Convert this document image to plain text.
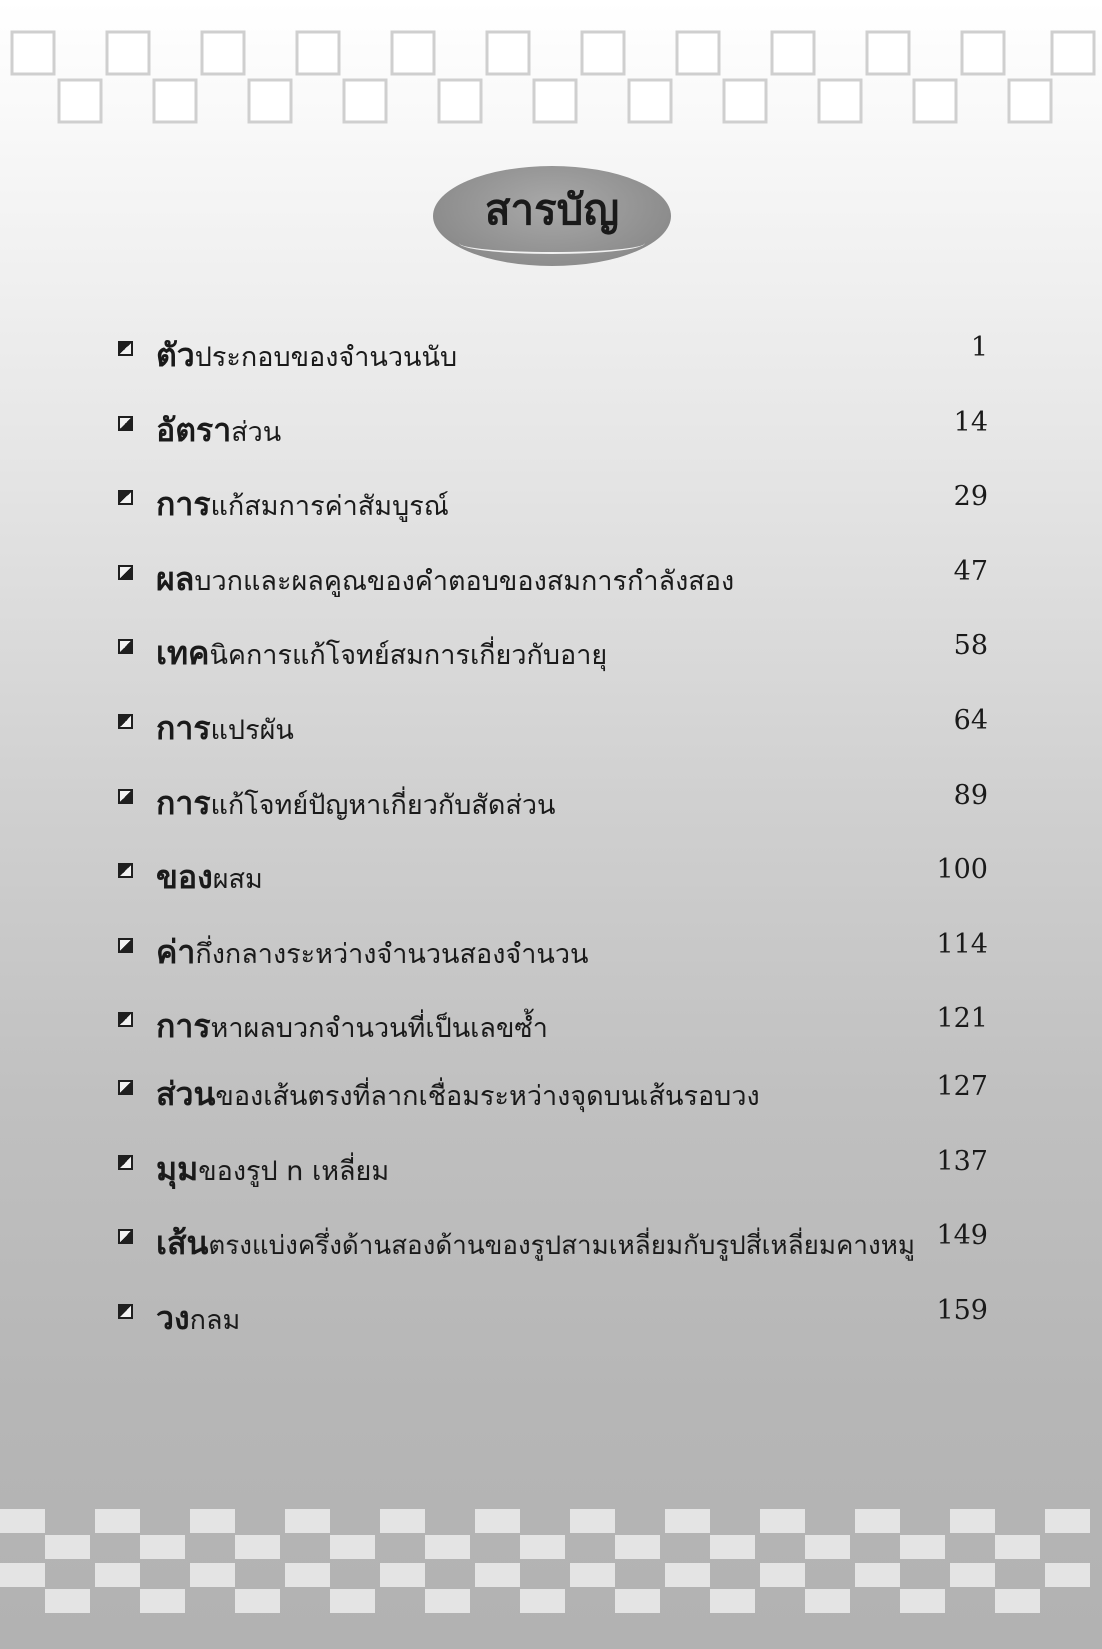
สารบัญ
ตัวประกอบของจำนวนนับ	1
อัตราส่วน	14
การแก้สมการค่าสัมบูรณ์	29
ผลบวกและผลคูณของคำตอบของสมการกำลังสอง	47
เทคนิคการแก้โจทย์สมการเกี่ยวกับอายุ	58
การแปรผัน	64
การแก้โจทย์ปัญหาเกี่ยวกับสัดส่วน	89
ของผสม	100
ค่ากึ่งกลางระหว่างจำนวนสองจำนวน	114
การหาผลบวกจำนวนที่เป็นเลขซ้ำ	121
ส่วนของเส้นตรงที่ลากเชื่อมระหว่างจุดบนเส้นรอบวง	127
มุมของรูป n เหลี่ยม	137
เส้นตรงแบ่งครึ่งด้านสองด้านของรูปสามเหลี่ยมกับรูปสี่เหลี่ยมคางหมู 149
วงกลม	159
